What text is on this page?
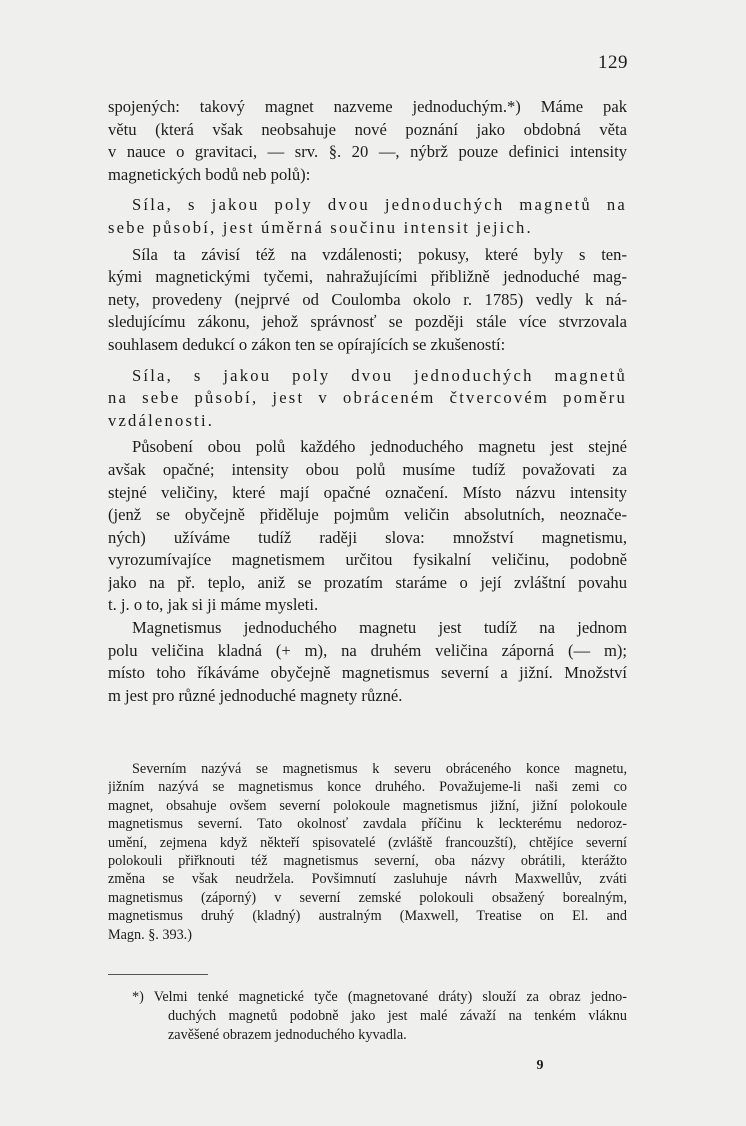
129
spojených: takový magnet nazveme jednoduchým.*) Máme pak
větu (která však neobsahuje nové poznání jako obdobná věta
v nauce o gravitaci, — srv. §. 20 —, nýbrž pouze definici intensity
magnetických bodů neb polů):
Síla, s jakou poly dvou jednoduchých magnetů na
sebe působí, jest úměrná součinu intensit jejich.
Síla ta závisí též na vzdálenosti; pokusy, které byly s ten-
kými magnetickými tyčemi, nahražujícími přibližně jednoduché mag-
nety, provedeny (nejprvé od Coulomba okolo r. 1785) vedly k ná-
sledujícímu zákonu, jehož správnosť se později stále více stvrzovala
souhlasem dedukcí o zákon ten se opírajících se zkušeností:
Síla, s jakou poly dvou jednoduchých magnetů
na sebe působí, jest v obráceném čtvercovém poměru
vzdálenosti.
Působení obou polů každého jednoduchého magnetu jest stejné
avšak opačné; intensity obou polů musíme tudíž považovati za
stejné veličiny, které mají opačné označení. Místo názvu intensity
(jenž se obyčejně přiděluje pojmům veličin absolutních, neoznače-
ných) užíváme tudíž raději slova: množství magnetismu,
vyrozumívajíce magnetismem určitou fysikalní veličinu, podobně
jako na př. teplo, aniž se prozatím staráme o její zvláštní povahu
t. j. o to, jak si ji máme mysleti.
Magnetismus jednoduchého magnetu jest tudíž na jednom
polu veličina kladná (+ m), na druhém veličina záporná (— m);
místo toho říkáváme obyčejně magnetismus severní a jižní. Množství
m jest pro různé jednoduché magnety různé.
Severním nazývá se magnetismus k severu obráceného konce magnetu,
jižním nazývá se magnetismus konce druhého. Považujeme-li naši zemi co
magnet, obsahuje ovšem severní polokoule magnetismus jižní, jižní polokoule
magnetismus severní. Tato okolnosť zavdala příčinu k leckterému nedoroz-
umění, zejmena když někteří spisovatelé (zvláště francouzští), chtějíce severní
polokouli přiřknouti též magnetismus severní, oba názvy obrátili, kterážto
změna se však neudržela. Povšimnutí zasluhuje návrh Maxwellův, zváti
magnetismus (záporný) v severní zemské polokouli obsažený borealným,
magnetismus druhý (kladný) australným (Maxwell, Treatise on El. and
Magn. §. 393.)
*) Velmi tenké magnetické tyče (magnetované dráty) slouží za obraz jedno-
duchých magnetů podobně jako jest malé závaží na tenkém vláknu
zavěšené obrazem jednoduchého kyvadla.
9
